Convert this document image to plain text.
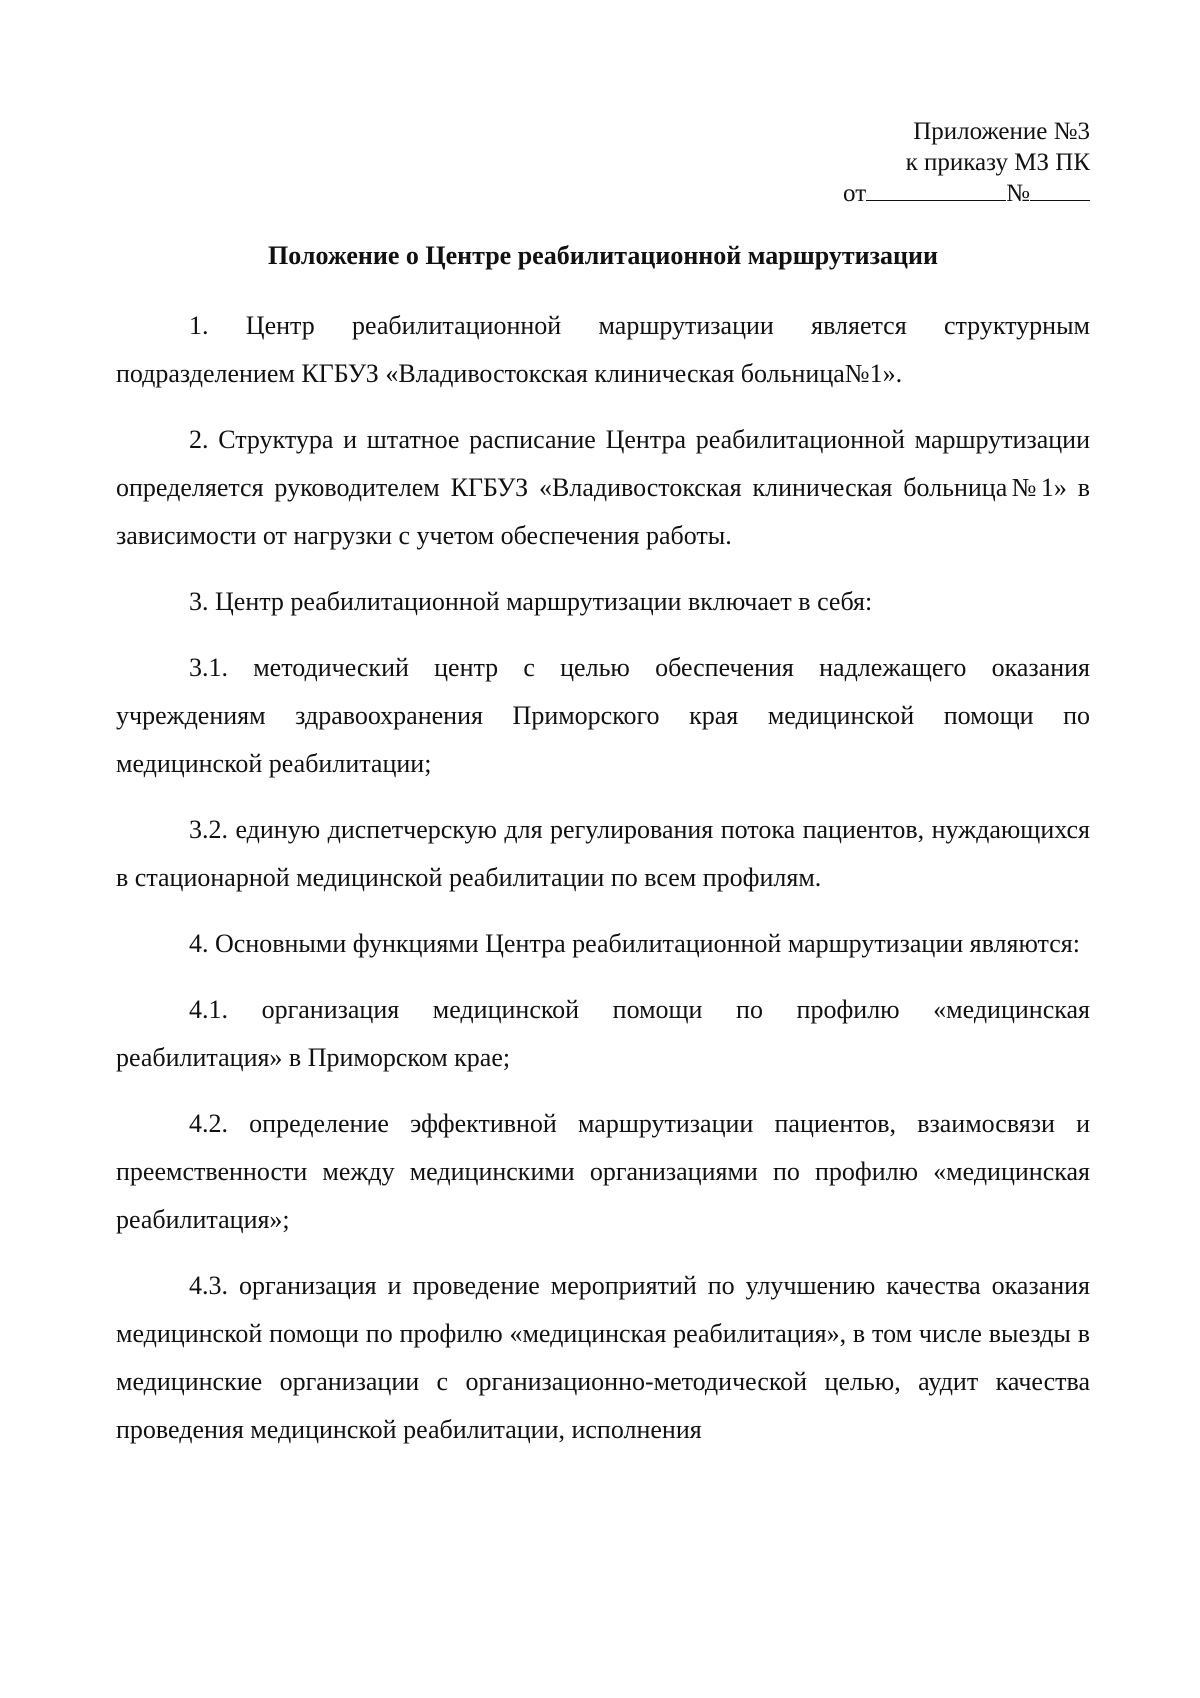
Приложение №3
к приказу МЗ ПК
от	№
Положение о Центре реабилитационной маршрутизации

1. Центр реабилитационной маршрутизации является структурным подразделением КГБУЗ «Владивостокская клиническая больница№1».

2. Структура и штатное расписание Центра реабилитационной маршрутизации определяется руководителем КГБУЗ «Владивостокская клиническая больница№1» в зависимости от нагрузки с учетом обеспечения работы.

3. Центр реабилитационной маршрутизации включает в себя:

3.1. методический центр с целью обеспечения надлежащего оказания учреждениям здравоохранения Приморского края медицинской помощи по медицинской реабилитации;

3.2. единую диспетчерскую для регулирования потока пациентов, нуждающихся в стационарной медицинской реабилитации по всем профилям.

4. Основными функциями Центра реабилитационной маршрутизации являются:

4.1. организация медицинской помощи по профилю «медицинская реабилитация» в Приморском крае;

4.2. определение эффективной маршрутизации пациентов, взаимосвязи и преемственности между медицинскими организациями по профилю «медицинская реабилитация»;

4.3. организация и проведение мероприятий по улучшению качества оказания медицинской помощи по профилю «медицинская реабилитация», в том числе выезды в медицинские организации с организационно-методической целью, аудит качества проведения медицинской реабилитации, исполнения
